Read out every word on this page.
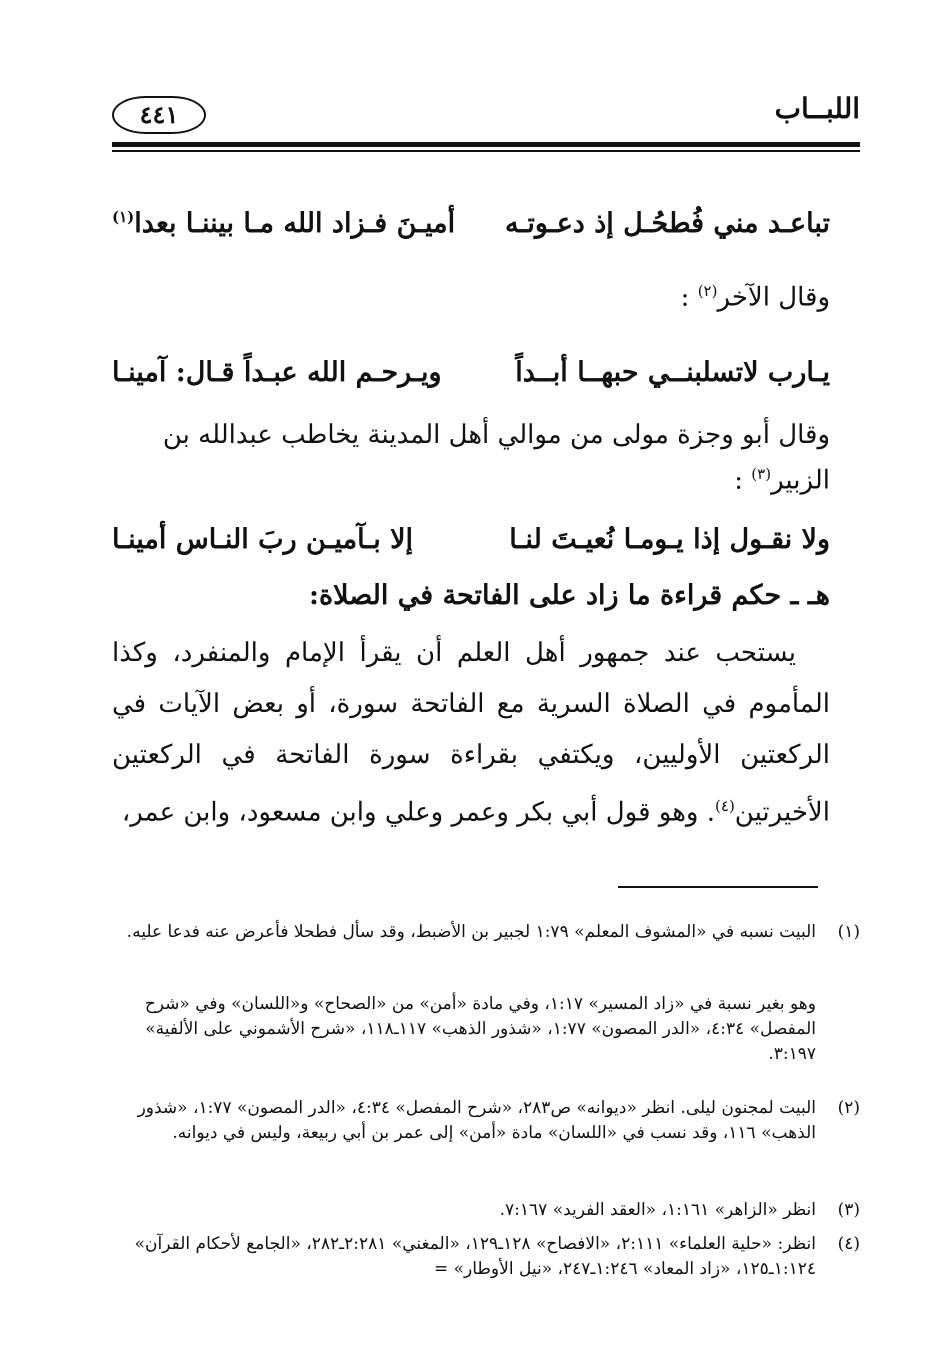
اللبــاب
٤٤١
تباعـد مني فُطحُـل إذ دعـوتـه
أميـنَ فـزاد الله مـا بيننـا بعدا$^{(١)}$
وقال الآخر$^{(٢)}$ :
يـارب لاتسلبنــي حبهــا أبــداً
ويـرحـم الله عبـداً قـال: آمينـا
وقال أبو وجزة مولى من موالي أهل المدينة يخاطب عبدالله بن
الزبير$^{(٣)}$ :
ولا نقـول إذا يـومـا نُعيـتَ لنـا
إلا بـآميـن ربَ النـاس أمينـا
هـ ـ حكم قراءة ما زاد على الفاتحة في الصلاة:
يستحب عند جمهور أهل العلم أن يقرأ الإمام والمنفرد، وكذا المأموم في الصلاة السرية مع الفاتحة سورة، أو بعض الآيات في الركعتين الأوليين، ويكتفي بقراءة سورة الفاتحة في الركعتين الأخيرتين$^{(٤)}$. وهو قول أبي بكر وعمر وعلي وابن مسعود، وابن عمر،
(١)
البيت نسبه في «المشوف المعلم» ١:٧٩ لجبير بن الأضبط، وقد سأل فطحلا فأعرض عنه فدعا عليه.
وهو بغير نسبة في «زاد المسير» ١:١٧، وفي مادة «أمن» من «الصحاح» و«اللسان» وفي «شرح المفصل» ٤:٣٤، «الدر المصون» ١:٧٧، «شذور الذهب» ١١٧ـ١١٨، «شرح الأشموني على الألفية» ٣:١٩٧.
(٢)
البيت لمجنون ليلى. انظر «ديوانه» ص٢٨٣، «شرح المفصل» ٤:٣٤، «الدر المصون» ١:٧٧، «شذور الذهب» ١١٦، وقد نسب في «اللسان» مادة «أمن» إلى عمر بن أبي ربيعة، وليس في ديوانه.
(٣)
انظر «الزاهر» ١:١٦١، «العقد الفريد» ٧:١٦٧.
(٤)
انظر: «حلية العلماء» ٢:١١١، «الافصاح» ١٢٨ـ١٢٩، «المغني» ٢:٢٨١ـ٢٨٢، «الجامع لأحكام القرآن» ١:١٢٤ـ١٢٥، «زاد المعاد» ١:٢٤٦ـ٢٤٧، «نيل الأوطار» =
